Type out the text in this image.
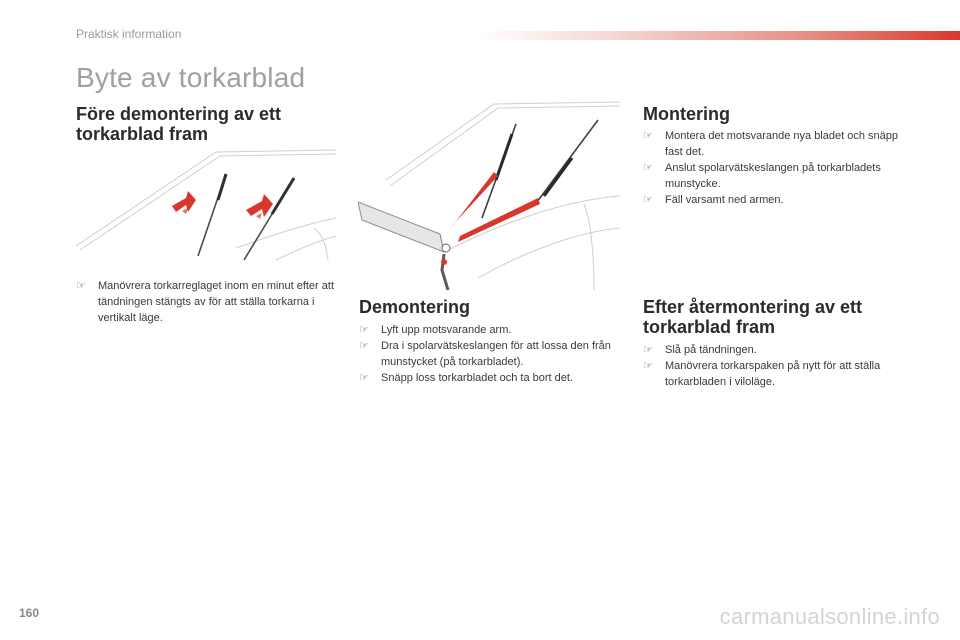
Praktisk information
Byte av torkarblad
Före demontering av ett
torkarblad fram
☞	Manövrera torkarreglaget inom en minut efter att tändningen stängts av för att ställa torkarna i vertikalt läge.
Demontering
☞	Lyft upp motsvarande arm.
☞	Dra i spolarvätskeslangen för att lossa den från munstycket (på torkarbladet).
☞	Snäpp loss torkarbladet och ta bort det.
Montering
☞	Montera det motsvarande nya bladet och snäpp fast det.
☞	Anslut spolarvätskeslangen på torkarbladets munstycke.
☞	Fäll varsamt ned armen.
Efter återmontering av ett
torkarblad fram
☞	Slå på tändningen.
☞	Manövrera torkarspaken på nytt för att ställa torkarbladen i viloläge.
160	carmanualsonline.info
